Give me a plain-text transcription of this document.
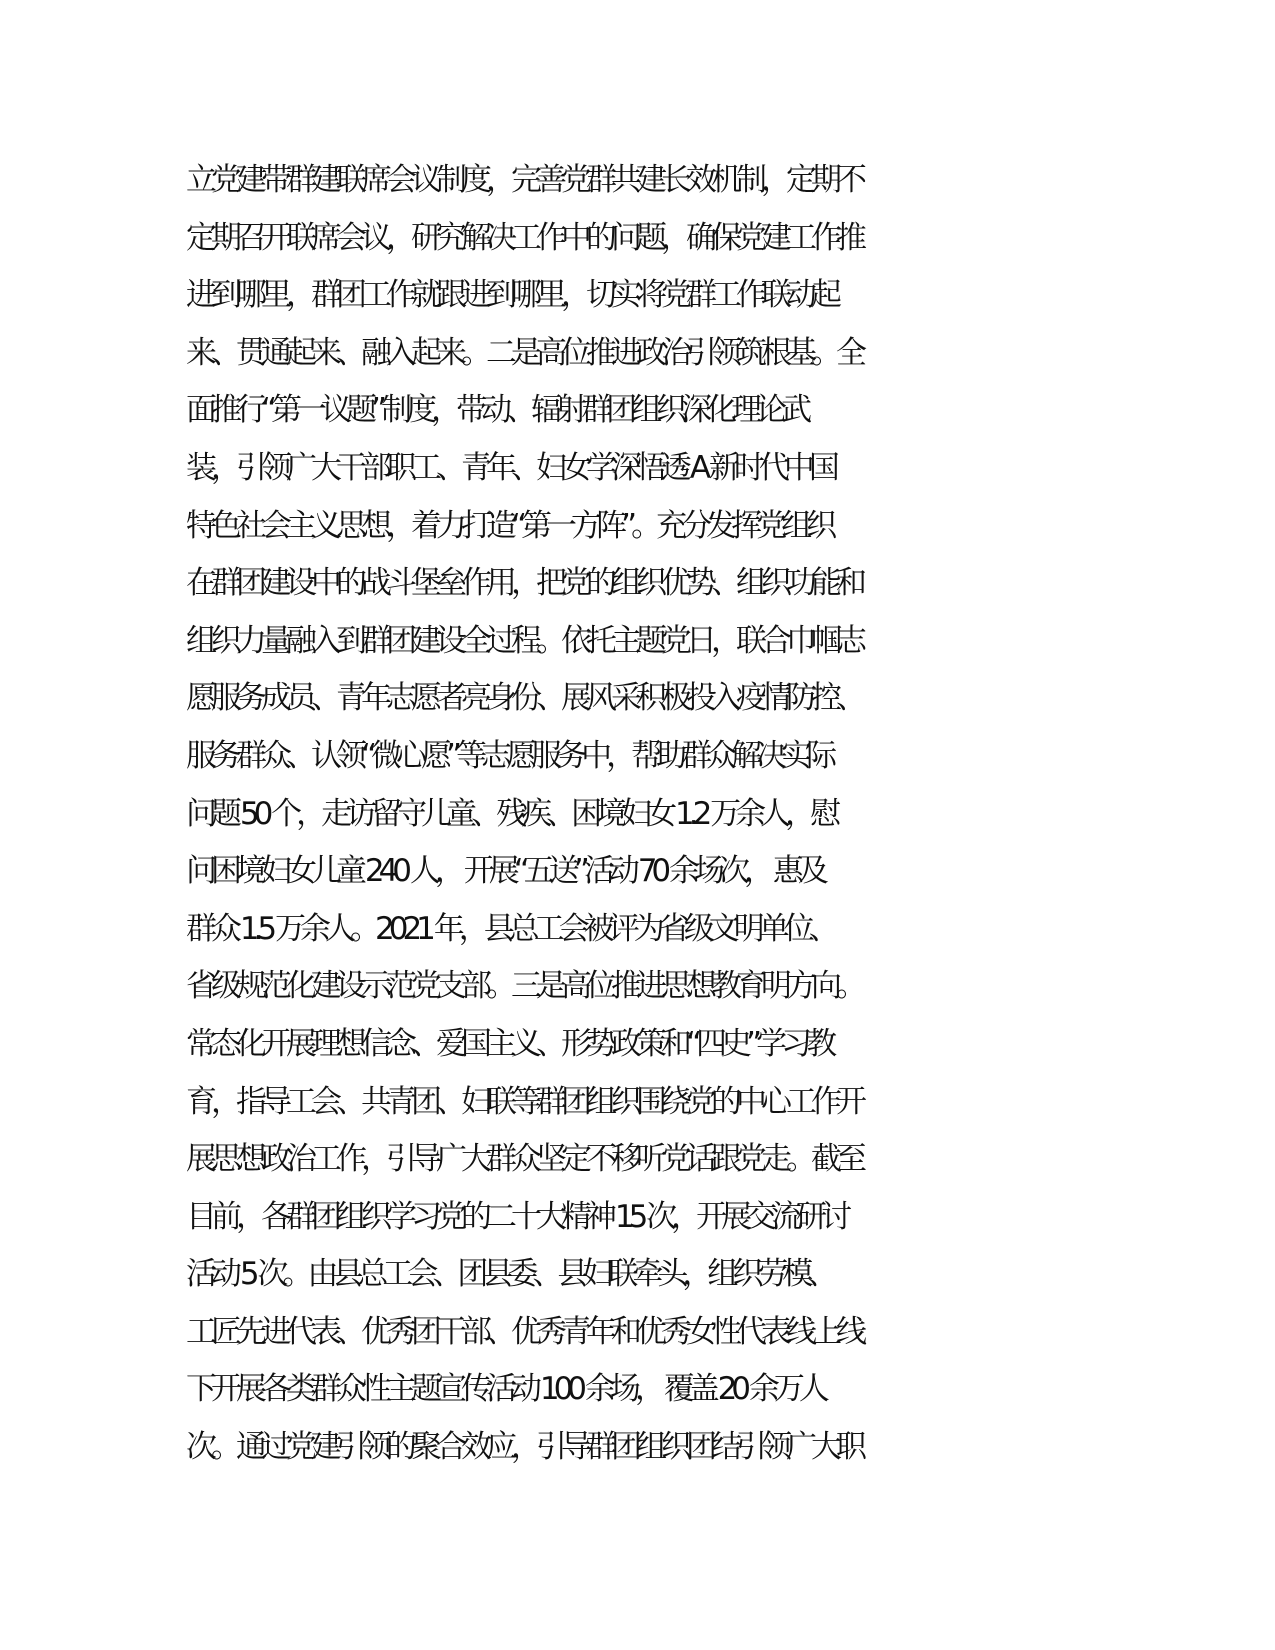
立党建带群建联席会议制度，完善党群共建长效机制，定期不
定期召开联席会议，研究解决工作中的问题，确保党建工作推
进到哪里，群团工作就跟进到哪里，切实将党群工作联动起
来、贯通起来、融入起来。二是高位推进政治引领筑根基。全
面推行“第一议题”制度，带动、辐射群团组织深化理论武
装，引领广大干部职工、青年、妇女学深悟透 A 新时代中国
特色社会主义思想，着力打造“第一方阵”。充分发挥党组织
在群团建设中的战斗堡垒作用，把党的组织优势、组织功能和
组织力量融入到群团建设全过程。依托主题党日，联合巾帼志
愿服务成员、青年志愿者亮身份、展风采积极投入疫情防控、
服务群众、认领“微心愿”等志愿服务中，帮助群众解决实际
问题 50 个，走访留守儿童、残疾、困境妇女 1.2 万余人，慰
问困境妇女儿童 240 人， 开展“五送”活动 70 余场次， 惠及
群众 1.5 万余人。2021 年，县总工会被评为省级文明单位、
省级规范化建设示范党支部。三是高位推进思想教育明方向。
常态化开展理想信念、爱国主义、形势政策和“四史”学习教
育，指导工会、共青团、妇联等群团组织围绕党的中心工作开
展思想政治工作，引导广大群众坚定不移听党话跟党走。截至
目前，各群团组织学习党的二十大精神 15 次，开展交流研讨
活动 5 次。由县总工会、团县委、县妇联牵头，组织劳模、
工匠先进代表、优秀团干部、优秀青年和优秀女性代表线上线
下开展各类群众性主题宣传活动 100 余场， 覆盖 20 余万人
次。通过党建引领的聚合效应，引导群团组织团结引领广大职
